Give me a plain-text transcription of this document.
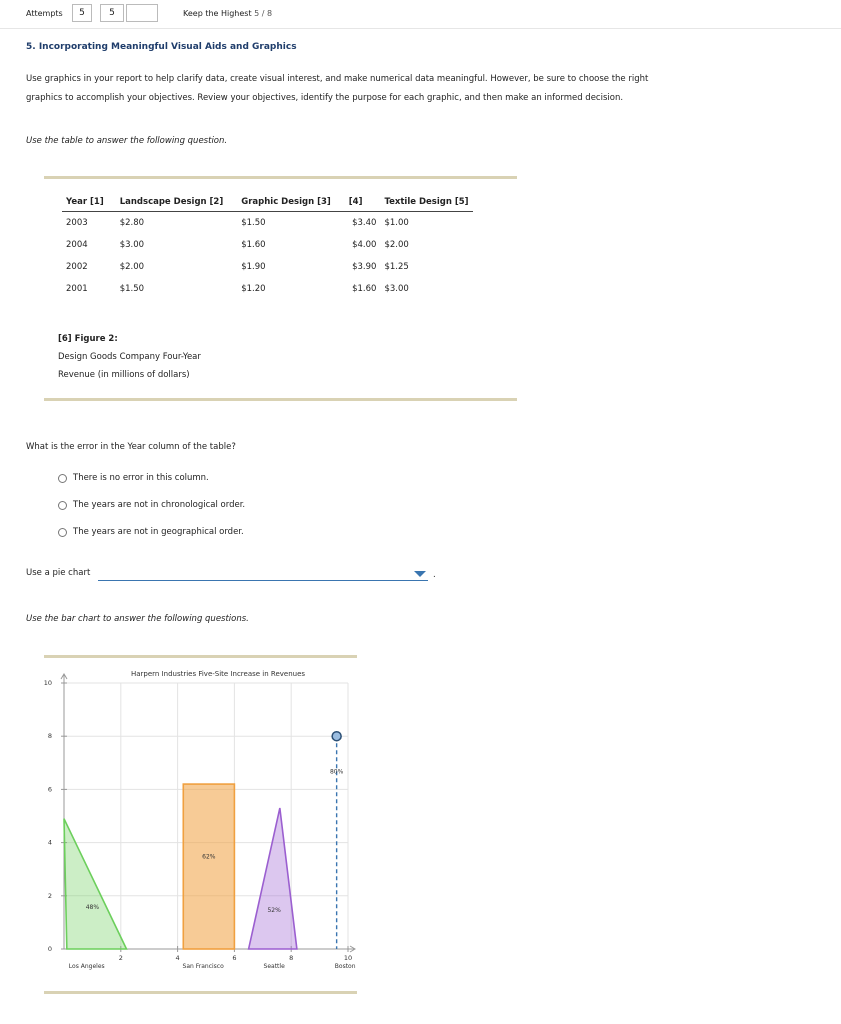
Attempts	5	5	Keep the Highest 5 / 8
5. Incorporating Meaningful Visual Aids and Graphics
Use graphics in your report to help clarify data, create visual interest, and make numerical data meaningful. However, be sure to choose the right
graphics to accomplish your objectives. Review your objectives, identify the purpose for each graphic, and then make an informed decision.
Use the table to answer the following question.
Year [1]	Landscape Design [2]	Graphic Design [3]	[4]	Textile Design [5]
2003	$2.80	$1.50	$3.40	$1.00
2004	$3.00	$1.60	$4.00	$2.00
2002	$2.00	$1.90	$3.90	$1.25
2001	$1.50	$1.20	$1.60	$3.00
[6] Figure 2:
Design Goods Company Four-Year
Revenue (in millions of dollars)
What is the error in the Year column of the table?
There is no error in this column.
The years are not in chronological order.
The years are not in geographical order.
Use a pie chart	.
Use the bar chart to answer the following questions.
Harpern Industries Five-Site Increase in Revenues
0
2
4
6
8
10
2	4	6	8	10
48%
62%
52%
80%
Los Angeles	San Francisco	Seattle	Boston
